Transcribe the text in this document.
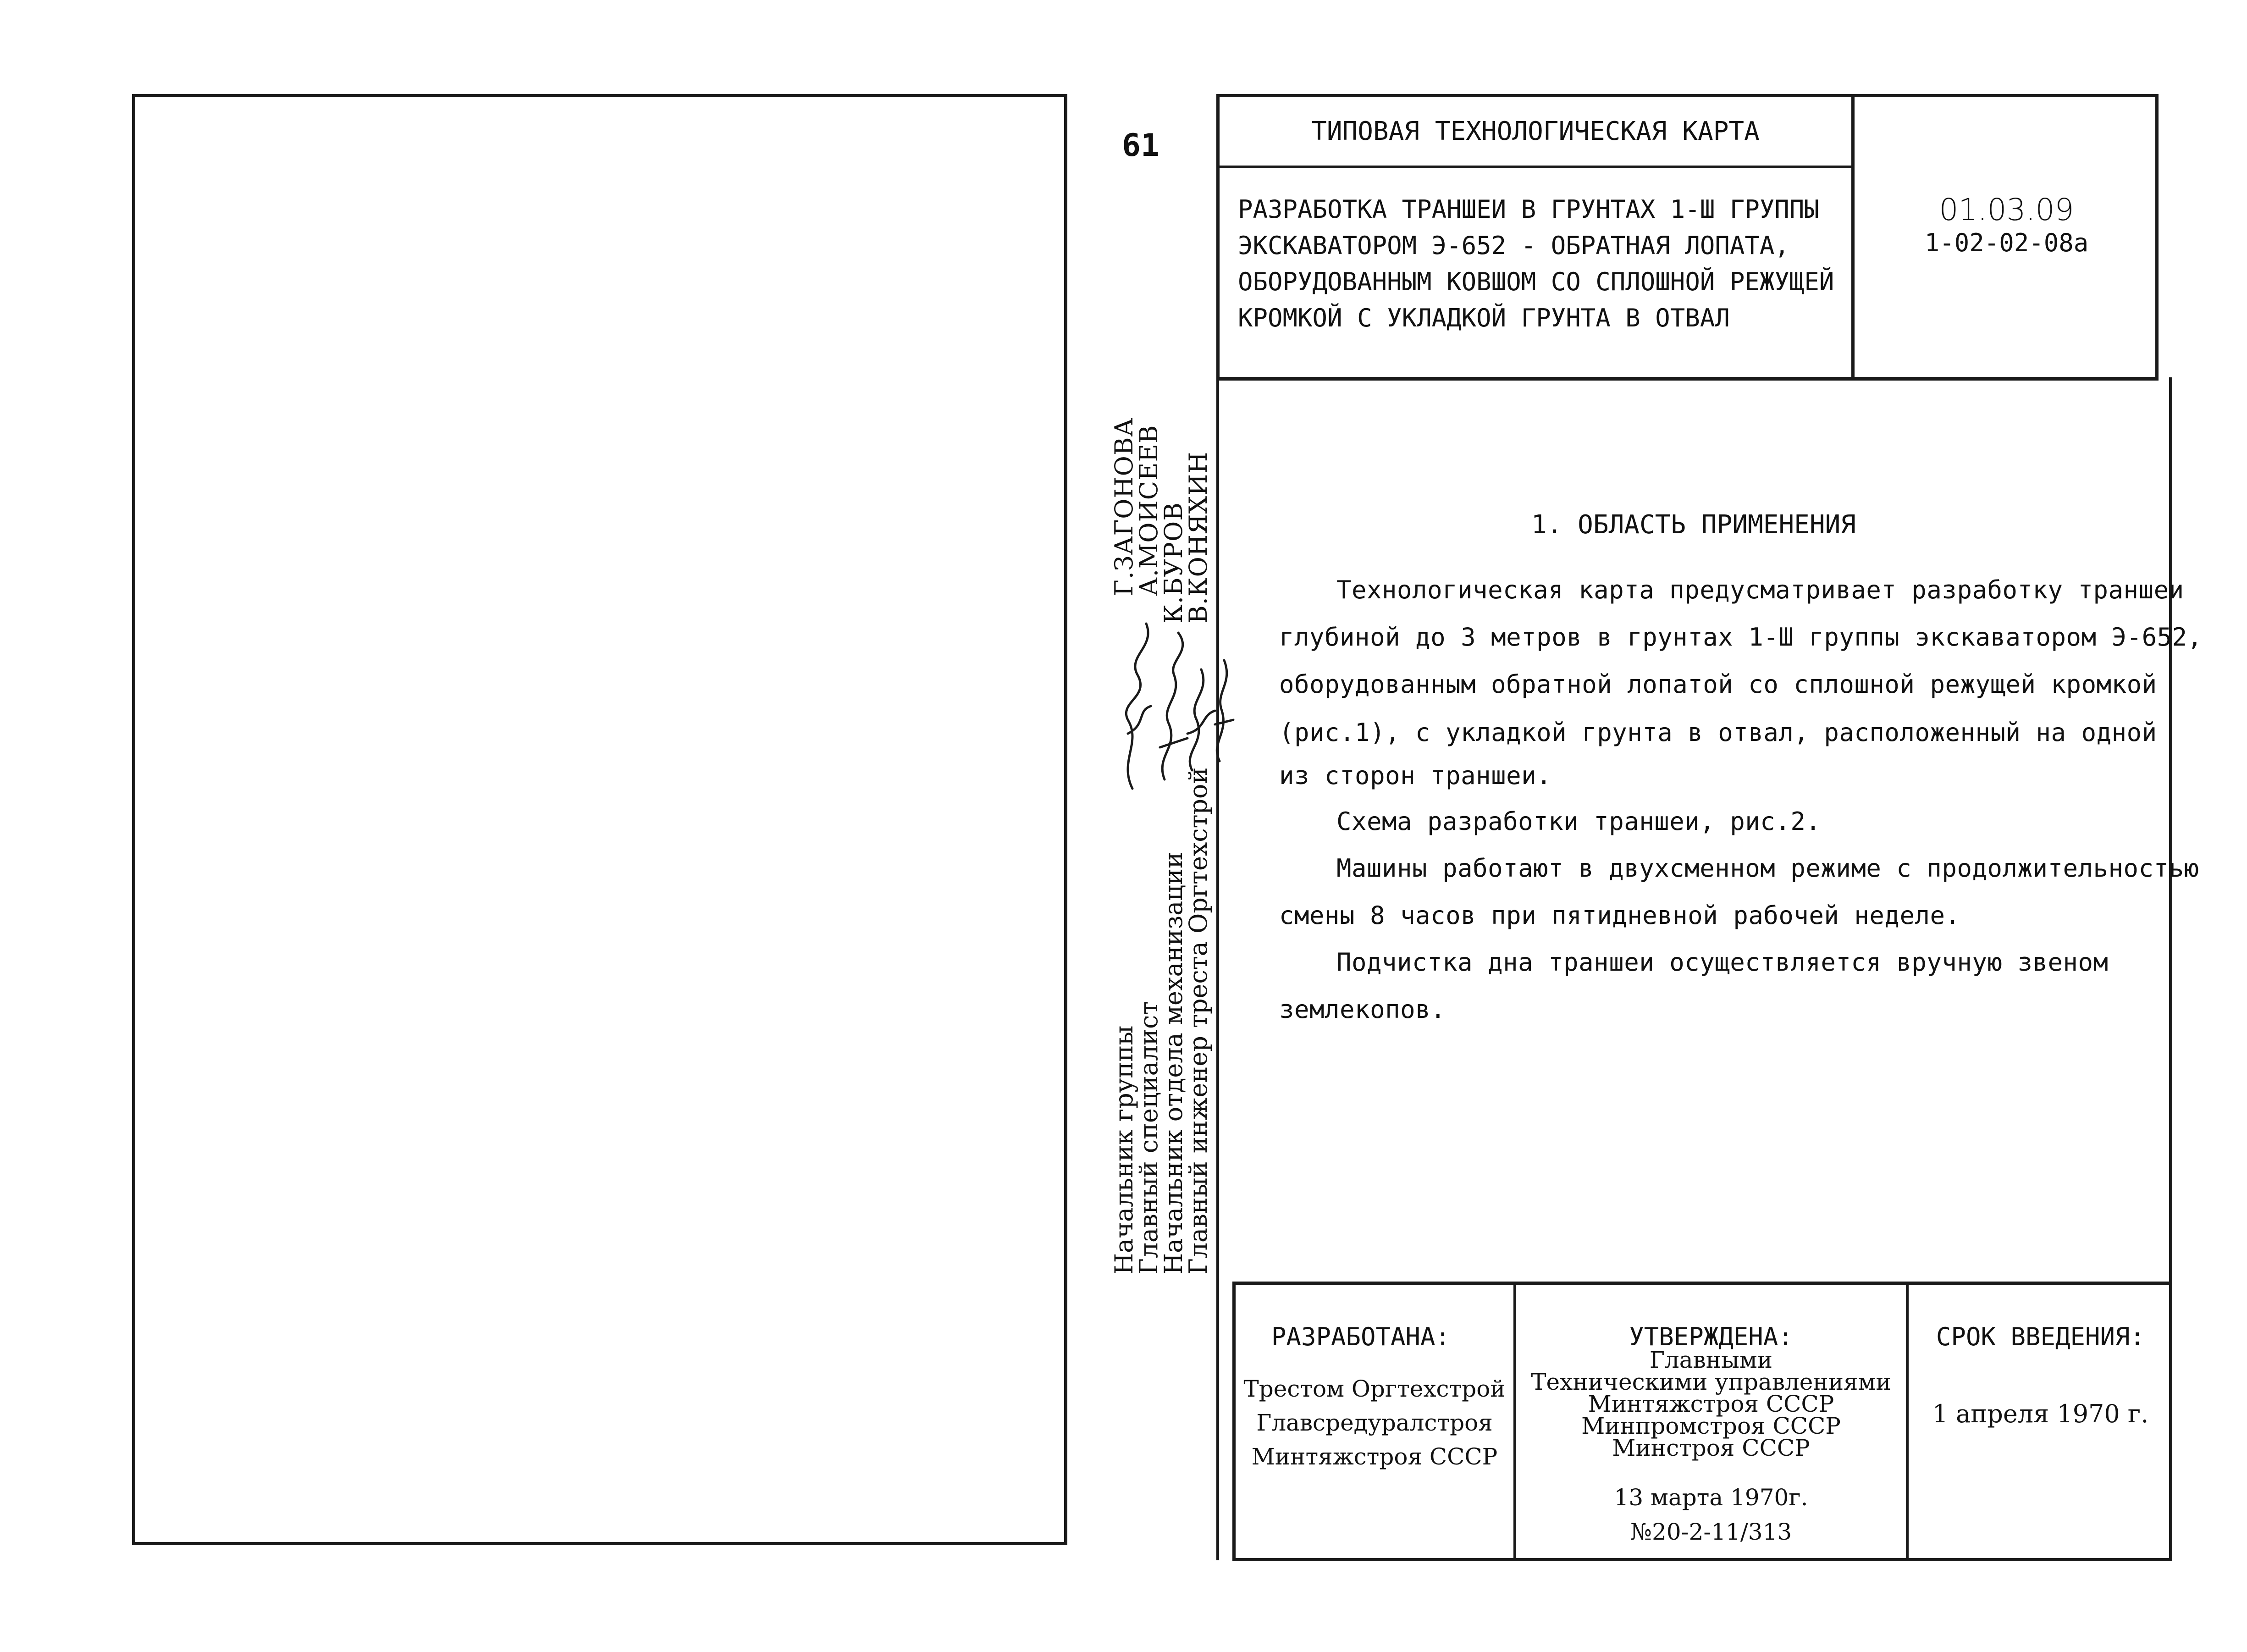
61
Начальник группы
Г.ЗАГОНОВА
Главный специалист
А.МОИСЕЕВ
Начальник отдела механизации
К.БУРОВ
Главный инженер треста Оргтехстрой
В.КОНЯХИН
ТИПОВАЯ ТЕХНОЛОГИЧЕСКАЯ КАРТА
РАЗРАБОТКА ТРАНШЕИ В ГРУНТАХ 1-Ш ГРУППЫ
ЭКСКАВАТОРОМ Э-652 - ОБРАТНАЯ ЛОПАТА,
ОБОРУДОВАННЫМ КОВШОМ СО СПЛОШНОЙ РЕЖУЩЕЙ
КРОМКОЙ С УКЛАДКОЙ ГРУНТА В ОТВАЛ
01.03.09
1-02-02-08а
1. ОБЛАСТЬ ПРИМЕНЕНИЯ
Технологическая карта предусматривает разработку траншеи
глубиной до 3 метров в грунтах 1-Ш группы экскаватором Э-652,
оборудованным обратной лопатой со сплошной режущей кромкой
(рис.1), с укладкой грунта в отвал, расположенный на одной
из сторон траншеи.
Схема разработки траншеи, рис.2.
Машины работают в двухсменном режиме с продолжительностью
смены 8 часов при пятидневной рабочей неделе.
Подчистка дна траншеи осуществляется вручную звеном
землекопов.
РАЗРАБОТАНА:
Трестом Оргтехстрой
Главсредуралстроя
Минтяжстроя СССР
УТВЕРЖДЕНА:
Главными
Техническими управлениями
Минтяжстроя СССР
Минпромстроя СССР
Минстроя СССР
13 марта 1970г.
№20-2-11/313
СРОК ВВЕДЕНИЯ:
1 апреля 1970 г.
